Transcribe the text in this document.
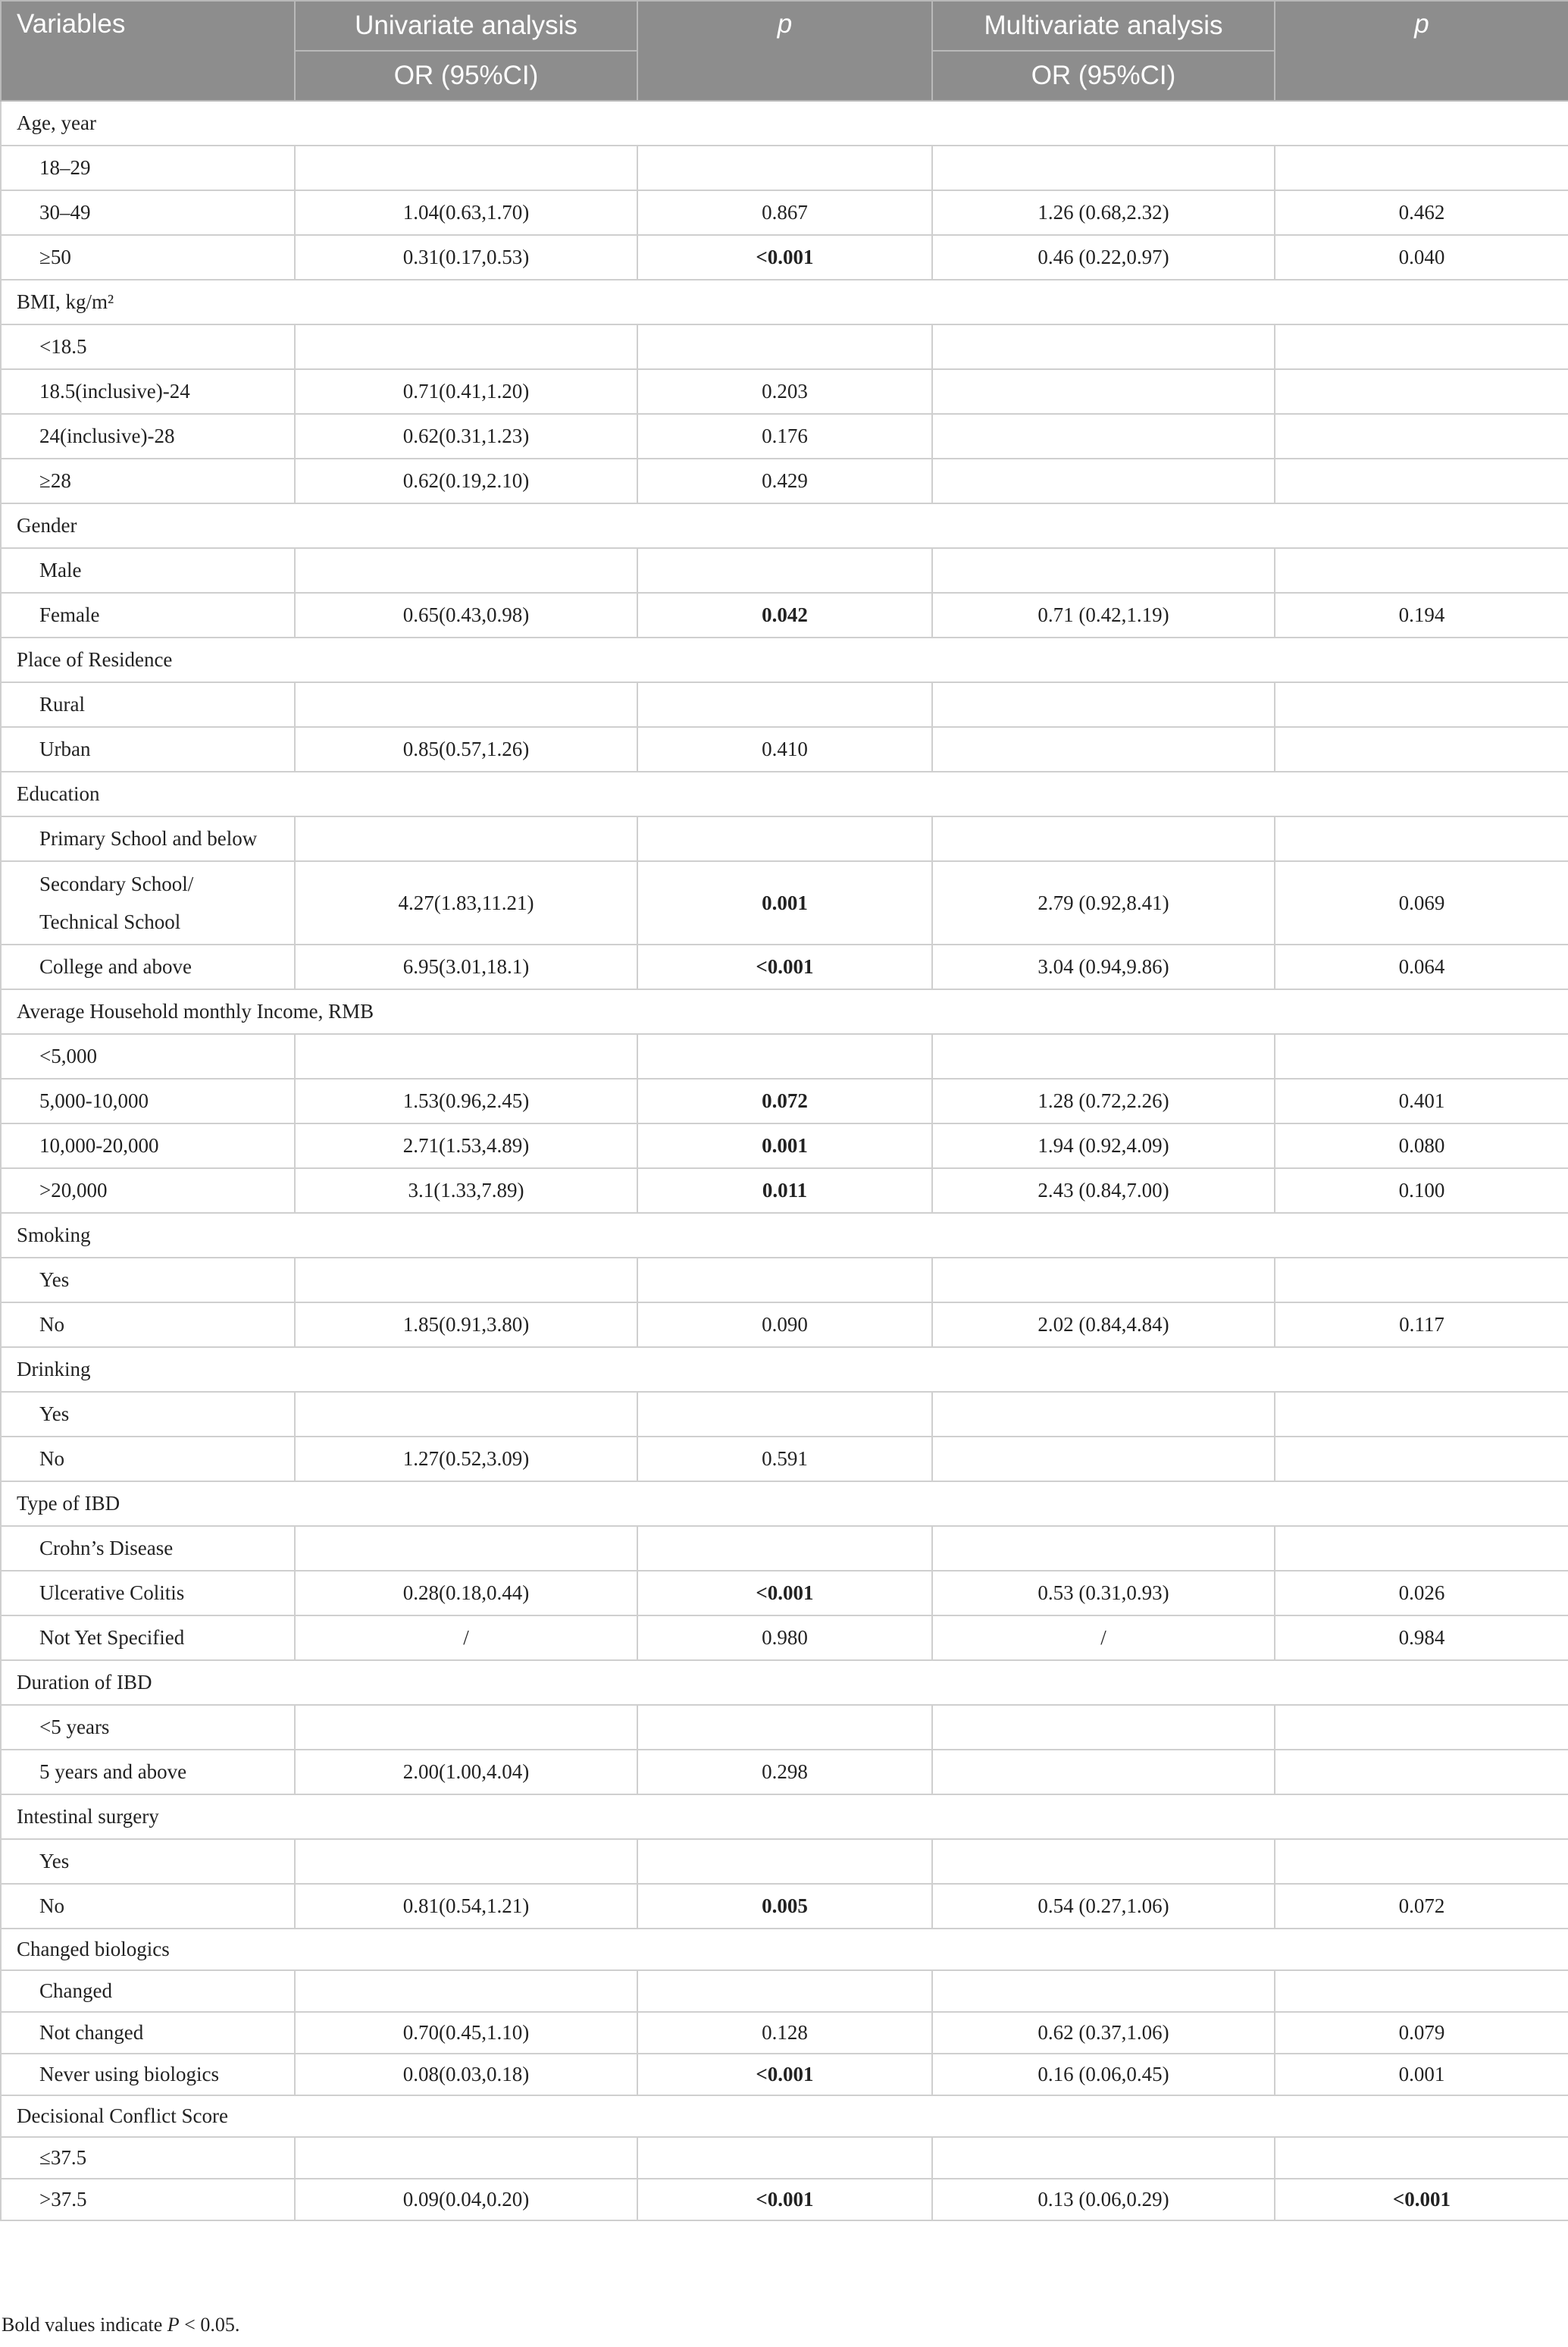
Variables	Univariate analysis	p	Multivariate analysis	p
	OR (95%CI)		OR (95%CI)	
Age, year				
18–29				
30–49	1.04(0.63,1.70)	0.867	1.26 (0.68,2.32)	0.462
≥50	0.31(0.17,0.53)	<0.001	0.46 (0.22,0.97)	0.040
BMI, kg/m²				
<18.5				
18.5(inclusive)-24	0.71(0.41,1.20)	0.203		
24(inclusive)-28	0.62(0.31,1.23)	0.176		
≥28	0.62(0.19,2.10)	0.429		
Gender				
Male				
Female	0.65(0.43,0.98)	0.042	0.71 (0.42,1.19)	0.194
Place of Residence				
Rural				
Urban	0.85(0.57,1.26)	0.410		
Education				
Primary School and below				

Secondary School/
Technical School	4.27(1.83,11.21)	0.001	2.79 (0.92,8.41)	0.069
College and above	6.95(3.01,18.1)	<0.001	3.04 (0.94,9.86)	0.064
Average Household monthly Income, RMB				
<5,000				
5,000-10,000	1.53(0.96,2.45)	0.072	1.28 (0.72,2.26)	0.401
10,000-20,000	2.71(1.53,4.89)	0.001	1.94 (0.92,4.09)	0.080
>20,000	3.1(1.33,7.89)	0.011	2.43 (0.84,7.00)	0.100
Smoking				
Yes				
No	1.85(0.91,3.80)	0.090	2.02 (0.84,4.84)	0.117
Drinking				
Yes				
No	1.27(0.52,3.09)	0.591		
Type of IBD				
Crohn’s Disease				
Ulcerative Colitis	0.28(0.18,0.44)	<0.001	0.53 (0.31,0.93)	0.026
Not Yet Specified	/	0.980	/	0.984
Duration of IBD				
<5 years				
5 years and above	2.00(1.00,4.04)	0.298		
Intestinal surgery				
Yes				
No	0.81(0.54,1.21)	0.005	0.54 (0.27,1.06)	0.072
Changed biologics				
Changed				
Not changed	0.70(0.45,1.10)	0.128	0.62 (0.37,1.06)	0.079
Never using biologics	0.08(0.03,0.18)	<0.001	0.16 (0.06,0.45)	0.001
Decisional Conflict Score				
≤37.5				
>37.5	0.09(0.04,0.20)	<0.001	0.13 (0.06,0.29)	<0.001
Bold values indicate P < 0.05.
